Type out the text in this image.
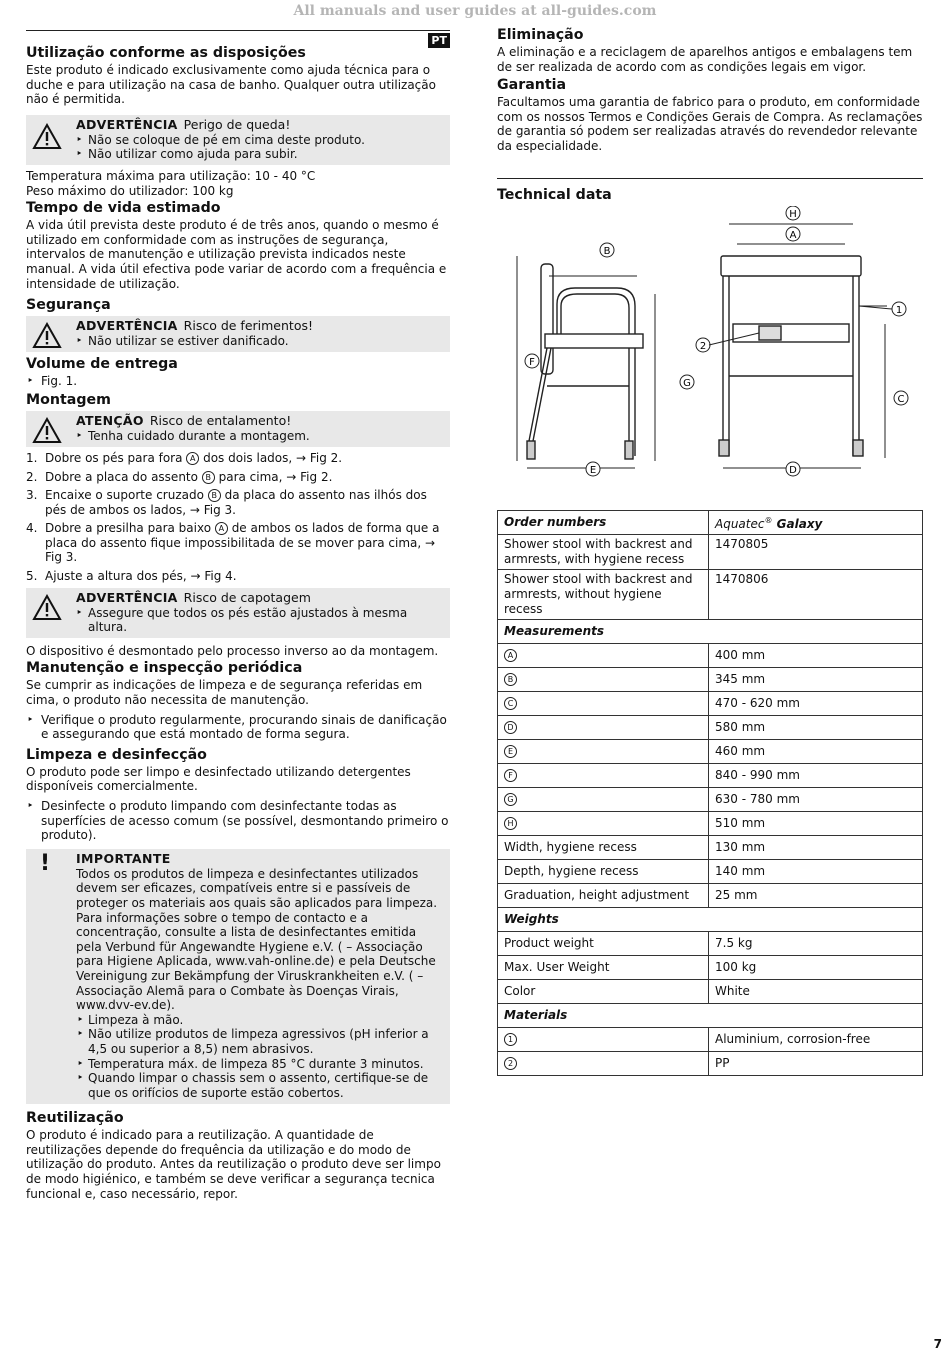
All manuals and user guides at all-guides.com
PT
Utilização conforme as disposições

Este produto é indicado exclusivamente como ajuda técnica para o duche e para utilização na casa de banho. Qualquer outra utilização não é permitida.

ADVERTÊNCIA Perigo de queda!
‣ Não se coloque de pé em cima deste produto.
‣ Não utilizar como ajuda para subir.

Temperatura máxima para utilização: 10 - 40 °C

Peso máximo do utilizador: 100 kg

Tempo de vida estimado

A vida útil prevista deste produto é de três anos, quando o mesmo é utilizado em conformidade com as instruções de segurança, intervalos de manutenção e utilização prevista indicados neste manual. A vida útil efectiva pode variar de acordo com a frequência e intensidade de utilização.

Segurança
ADVERTÊNCIA Risco de ferimentos!
‣ Não utilizar se estiver danificado.
Volume de entrega
‣ Fig. 1.
Montagem
ATENÇÃO Risco de entalamento!
‣ Tenha cuidado durante a montagem.
1. Dobre os pés para fora A dos dois lados, → Fig 2.
2. Dobre a placa do assento B para cima, → Fig 2.
3. Encaixe o suporte cruzado B da placa do assento nas ilhós dos pés de ambos os lados, → Fig 3.
4. Dobre a presilha para baixo A de ambos os lados de forma que a placa do assento fique impossibilitada de se mover para cima, → Fig 3.
5. Ajuste a altura dos pés, → Fig 4.
ADVERTÊNCIA Risco de capotagem
‣ Assegure que todos os pés estão ajustados à mesma altura.

O dispositivo é desmontado pelo processo inverso ao da montagem.

Manutenção e inspecção periódica

Se cumprir as indicações de limpeza e de segurança referidas em cima, o produto não necessita de manutenção.

‣ Verifique o produto regularmente, procurando sinais de danificação e assegurando que está montado de forma segura.
Limpeza e desinfecção

O produto pode ser limpo e desinfectado utilizando detergentes disponíveis comercialmente.

‣ Desinfecte o produto limpando com desinfectante todas as superfícies de acesso comum (se possível, desmontando primeiro o produto).
! IMPORTANTE

Todos os produtos de limpeza e desinfectantes utilizados devem ser eficazes, compatíveis entre si e passíveis de proteger os materiais aos quais são aplicados para limpeza. Para informações sobre o tempo de contacto e a concentração, consulte a lista de desinfectantes emitida pela Verbund für Angewandte Hygiene e.V. ( – Associação para Higiene Aplicada, www.vah-online.de) e pela Deutsche Vereinigung zur Bekämpfung der Viruskrankheiten e.V. ( – Associação Alemã para o Combate às Doenças Virais, www.dvv-ev.de).

‣ Limpeza à mão.
‣ Não utilize produtos de limpeza agressivos (pH inferior a 4,5 ou superior a 8,5) nem abrasivos.
‣ Temperatura máx. de limpeza 85 °C durante 3 minutos.
‣ Quando limpar o chassis sem o assento, certifique-se de que os orifícios de suporte estão cobertos.
Reutilização

O produto é indicado para a reutilização. A quantidade de reutilizações depende do frequência da utilização e do modo de utilização do produto. Antes da reutilização o produto deve ser limpo de modo higiénico, e também se deve verificar a segurança tecnica funcional e, caso necessário, repor.

Eliminação

A eliminação e a reciclagem de aparelhos antigos e embalagens tem de ser realizada de acordo com as condições legais em vigor.

Garantia

Facultamos uma garantia de fabrico para o produto, em conformidade com os nossos Termos e Condições Gerais de Compra. As reclamações de garantia só podem ser realizadas através do revendedor relevante da especialidade.

Technical data
B
F
G
E
H
A
2
1
C
D
Order numbers	Aquatec® Galaxy
Shower stool with backrest and armrests, with hygiene recess	1470805
Shower stool with backrest and armrests, without hygiene recess	1470806
Measurements	
A	400 mm
B	345 mm
C	470 - 620 mm
D	580 mm
E	460 mm
F	840 - 990 mm
G	630 - 780 mm
H	510 mm
Width, hygiene recess	130 mm
Depth, hygiene recess	140 mm
Graduation, height adjustment	25 mm
Weights	
Product weight	7.5 kg
Max. User Weight	100 kg
Color	White
Materials	
1	Aluminium, corrosion-free
2	PP
7
